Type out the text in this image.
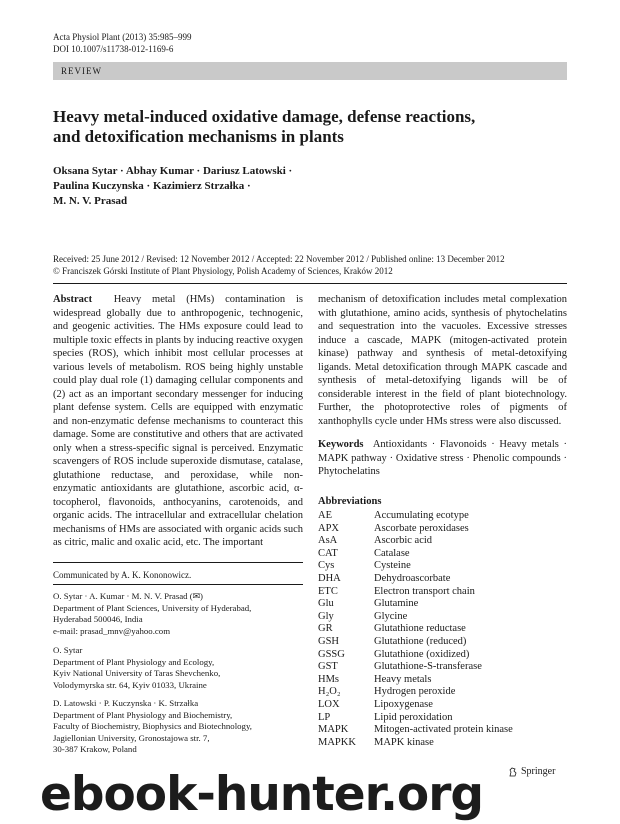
Acta Physiol Plant (2013) 35:985–999
DOI 10.1007/s11738-012-1169-6
REVIEW
Heavy metal-induced oxidative damage, defense reactions,
and detoxification mechanisms in plants
Oksana Sytar · Abhay Kumar · Dariusz Latowski ·
Paulina Kuczynska · Kazimierz Strzałka ·
M. N. V. Prasad
Received: 25 June 2012 / Revised: 12 November 2012 / Accepted: 22 November 2012 / Published online: 13 December 2012
© Franciszek Górski Institute of Plant Physiology, Polish Academy of Sciences, Kraków 2012
Abstract Heavy metal (HMs) contamination is widespread globally due to anthropogenic, technogenic, and geogenic activities. The HMs exposure could lead to multiple toxic effects in plants by inducing reactive oxygen species (ROS), which inhibit most cellular processes at various levels of metabolism. ROS being highly unstable could play dual role (1) damaging cellular components and (2) act as an important secondary messenger for inducing plant defense system. Cells are equipped with enzymatic and non-enzymatic defense mechanisms to counteract this damage. Some are constitutive and others that are activated only when a stress-specific signal is perceived. Enzymatic scavengers of ROS include superoxide dismutase, catalase, glutathione reductase, and peroxidase, while non-enzymatic antioxidants are glutathione, ascorbic acid, α-tocopherol, flavonoids, anthocyanins, carotenoids, and organic acids. The intracellular and extracellular chelation mechanisms of HMs are associated with organic acids such as citric, malic and oxalic acid, etc. The important
Communicated by A. K. Kononowicz.
O. Sytar · A. Kumar · M. N. V. Prasad (✉)
Department of Plant Sciences, University of Hyderabad,
Hyderabad 500046, India
e-mail: prasad_mnv@yahoo.com
O. Sytar
Department of Plant Physiology and Ecology,
Kyiv National University of Taras Shevchenko,
Volodymyrska str. 64, Kyiv 01033, Ukraine
D. Latowski · P. Kuczynska · K. Strzałka
Department of Plant Physiology and Biochemistry,
Faculty of Biochemistry, Biophysics and Biotechnology,
Jagiellonian University, Gronostajowa str. 7,
30-387 Krakow, Poland
mechanism of detoxification includes metal complexation with glutathione, amino acids, synthesis of phytochelatins and sequestration into the vacuoles. Excessive stresses induce a cascade, MAPK (mitogen-activated protein kinase) pathway and synthesis of metal-detoxifying ligands. Metal detoxification through MAPK cascade and synthesis of metal-detoxifying ligands will be of considerable interest in the field of plant biotechnology. Further, the photoprotective roles of pigments of xanthophylls cycle under HMs stress were also discussed.
Keywords Antioxidants · Flavonoids · Heavy metals · MAPK pathway · Oxidative stress · Phenolic compounds · Phytochelatins
Abbreviations
AE	Accumulating ecotype
APX	Ascorbate peroxidases
AsA	Ascorbic acid
CAT	Catalase
Cys	Cysteine
DHA	Dehydroascorbate
ETC	Electron transport chain
Glu	Glutamine
Gly	Glycine
GR	Glutathione reductase
GSH	Glutathione (reduced)
GSSG	Glutathione (oxidized)
GST	Glutathione-S-transferase
HMs	Heavy metals
H₂O₂	Hydrogen peroxide
LOX	Lipoxygenase
LP	Lipid peroxidation
MAPK	Mitogen-activated protein kinase
MAPKK	MAPK kinase
Springer
ebook-hunter.org
